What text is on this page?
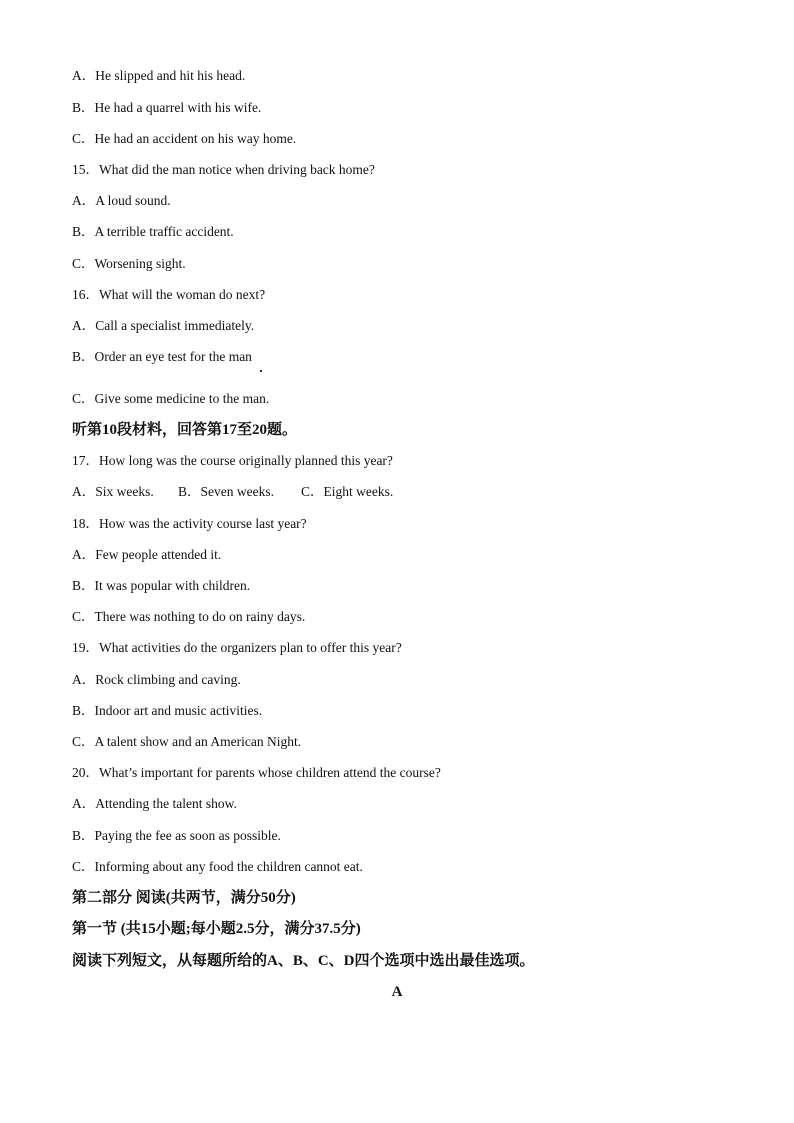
A．He slipped and hit his head.
B．He had a quarrel with his wife.
C．He had an accident on his way home.
15．What did the man notice when driving back home?
A．A loud sound.
B．A terrible traffic accident.
C．Worsening sight.
16．What will the woman do next?
A．Call a specialist immediately.
B．Order an eye test for the man
C．Give some medicine to the man.
听第10段材料，回答第17至20题。
17．How long was the course originally planned this year?
A．Six weeks. B．Seven weeks. C．Eight weeks.
18．How was the activity course last year?
A．Few people attended it.
B．It was popular with children.
C．There was nothing to do on rainy days.
19．What activities do the organizers plan to offer this year?
A．Rock climbing and caving.
B．Indoor art and music activities.
C．A talent show and an American Night.
20．What’s important for parents whose children attend the course?
A．Attending the talent show.
B．Paying the fee as soon as possible.
C．Informing about any food the children cannot eat.
第二部分 阅读(共两节，满分50分)
第一节 (共15小题;每小题2.5分，满分37.5分)
阅读下列短文，从每题所给的A、B、C、D四个选项中选出最佳选项。
A
